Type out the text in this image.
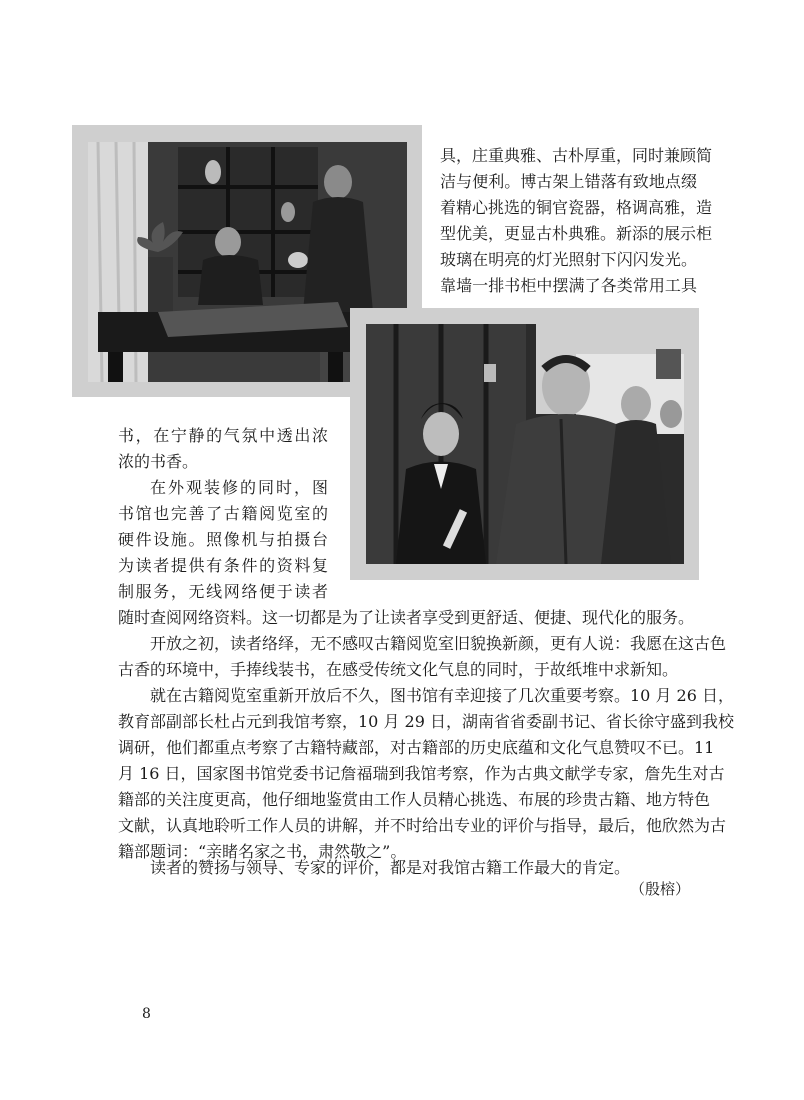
具，庄重典雅、古朴厚重，同时兼顾简
洁与便利。博古架上错落有致地点缀
着精心挑选的铜官瓷器，格调高雅，造
型优美，更显古朴典雅。新添的展示柜
玻璃在明亮的灯光照射下闪闪发光。
靠墙一排书柜中摆满了各类常用工具
书，在宁静的气氛中透出浓
浓的书香。
在外观装修的同时，图
书馆也完善了古籍阅览室的
硬件设施。照像机与拍摄台
为读者提供有条件的资料复
制服务，无线网络便于读者
随时查阅网络资料。这一切都是为了让读者享受到更舒适、便捷、现代化的服务。
开放之初，读者络绎，无不感叹古籍阅览室旧貌换新颜，更有人说：我愿在这古色
古香的环境中，手捧线装书，在感受传统文化气息的同时，于故纸堆中求新知。
就在古籍阅览室重新开放后不久，图书馆有幸迎接了几次重要考察。10 月 26 日，
教育部副部长杜占元到我馆考察，10 月 29 日，湖南省省委副书记、省长徐守盛到我校
调研，他们都重点考察了古籍特藏部，对古籍部的历史底蕴和文化气息赞叹不已。11
月 16 日，国家图书馆党委书记詹福瑞到我馆考察，作为古典文献学专家，詹先生对古
籍部的关注度更高，他仔细地鉴赏由工作人员精心挑选、布展的珍贵古籍、地方特色
文献，认真地聆听工作人员的讲解，并不时给出专业的评价与指导，最后，他欣然为古
籍部题词：“亲睹名家之书，肃然敬之”。
读者的赞扬与领导、专家的评价，都是对我馆古籍工作最大的肯定。
（殷榕）
8
